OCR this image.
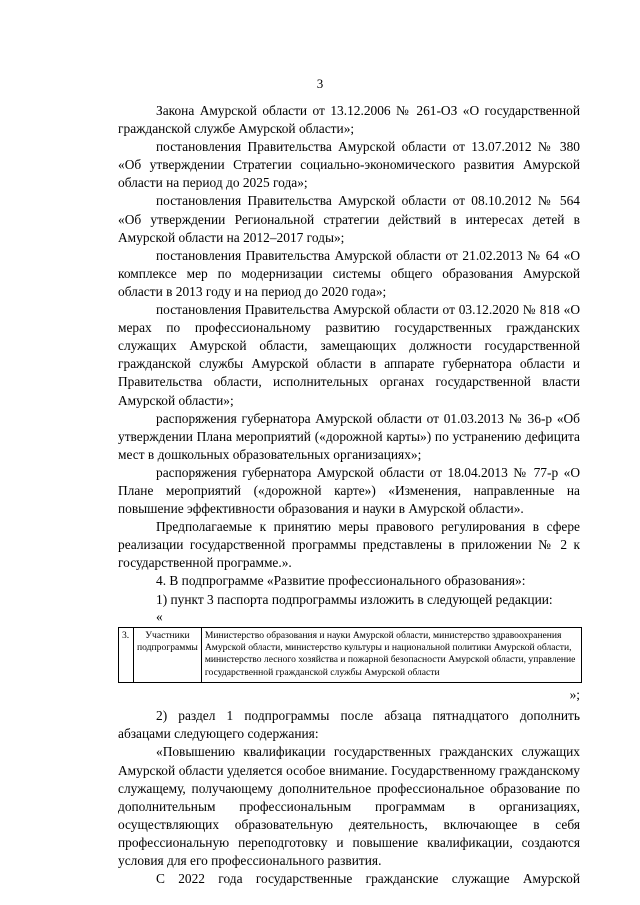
3

Закона Амурской области от 13.12.2006 № 261-ОЗ «О государственной гражданской службе Амурской области»;

постановления Правительства Амурской области от 13.07.2012 № 380 «Об утверждении Стратегии социально-экономического развития Амурской области на период до 2025 года»;

постановления Правительства Амурской области от 08.10.2012 № 564 «Об утверждении Региональной стратегии действий в интересах детей в Амурской области на 2012–2017 годы»;

постановления Правительства Амурской области от 21.02.2013 № 64 «О комплексе мер по модернизации системы общего образования Амурской области в 2013 году и на период до 2020 года»;

постановления Правительства Амурской области от 03.12.2020 № 818 «О мерах по профессиональному развитию государственных гражданских служащих Амурской области, замещающих должности государственной гражданской службы Амурской области в аппарате губернатора области и Правительства области, исполнительных органах государственной власти Амурской области»;

распоряжения губернатора Амурской области от 01.03.2013 № 36-р «Об утверждении Плана мероприятий («дорожной карты») по устранению дефицита мест в дошкольных образовательных организациях»;

распоряжения губернатора Амурской области от 18.04.2013 № 77-р «О Плане мероприятий («дорожной карте») «Изменения, направленные на повышение эффективности образования и науки в Амурской области».

Предполагаемые к принятию меры правового регулирования в сфере реализации государственной программы представлены в приложении № 2 к государственной программе.».

4. В подпрограмме «Развитие профессионального образования»:

1) пункт 3 паспорта подпрограммы изложить в следующей редакции:

«
3.	Участники подпрограммы	Министерство образования и науки Амурской области, министерство здравоохранения Амурской области, министерство культуры и национальной политики Амурской области, министерство лесного хозяйства и пожарной безопасности Амурской области, управление государственной гражданской службы Амурской области
»;

2) раздел 1 подпрограммы после абзаца пятнадцатого дополнить абзацами следующего содержания:

«Повышению квалификации государственных гражданских служащих Амурской области уделяется особое внимание. Государственному гражданскому служащему, получающему дополнительное профессиональное образование по дополнительным профессиональным программам в организациях, осуществляющих образовательную деятельность, включающее в себя профессиональную переподготовку и повышение квалификации, создаются условия для его профессионального развития.

С 2022 года государственные гражданские служащие Амурской
